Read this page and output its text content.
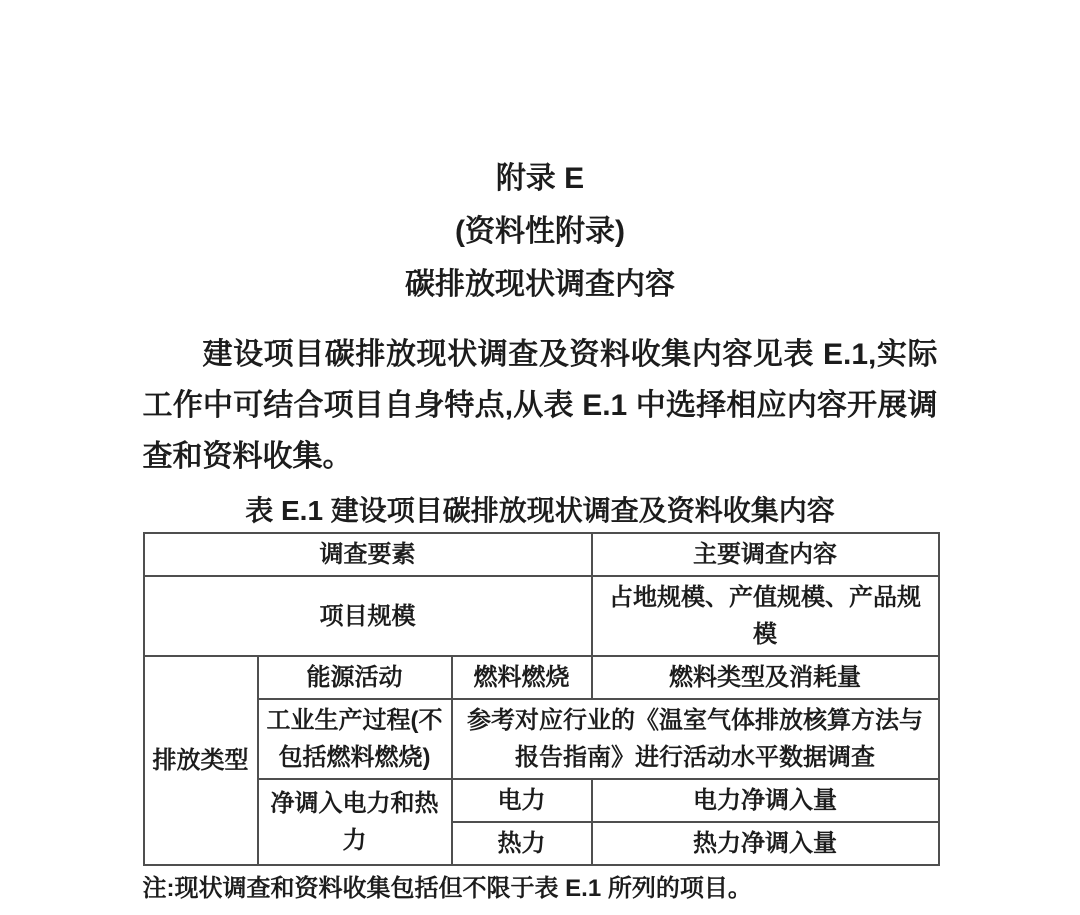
附录 E
(资料性附录)
碳排放现状调查内容

建设项目碳排放现状调查及资料收集内容见表 E.1,实际工作中可结合项目自身特点,从表 E.1 中选择相应内容开展调查和资料收集。

表 E.1 建设项目碳排放现状调查及资料收集内容
调查要素			主要调查内容
项目规模			占地规模、产值规模、产品规模
排放类型	能源活动	燃料燃烧	燃料类型及消耗量
	工业生产过程(不包括燃料燃烧)	参考对应行业的《温室气体排放核算方法与报告指南》进行活动水平数据调查	
	净调入电力和热力	电力	电力净调入量
		热力	热力净调入量

注:现状调查和资料收集包括但不限于表 E.1 所列的项目。
